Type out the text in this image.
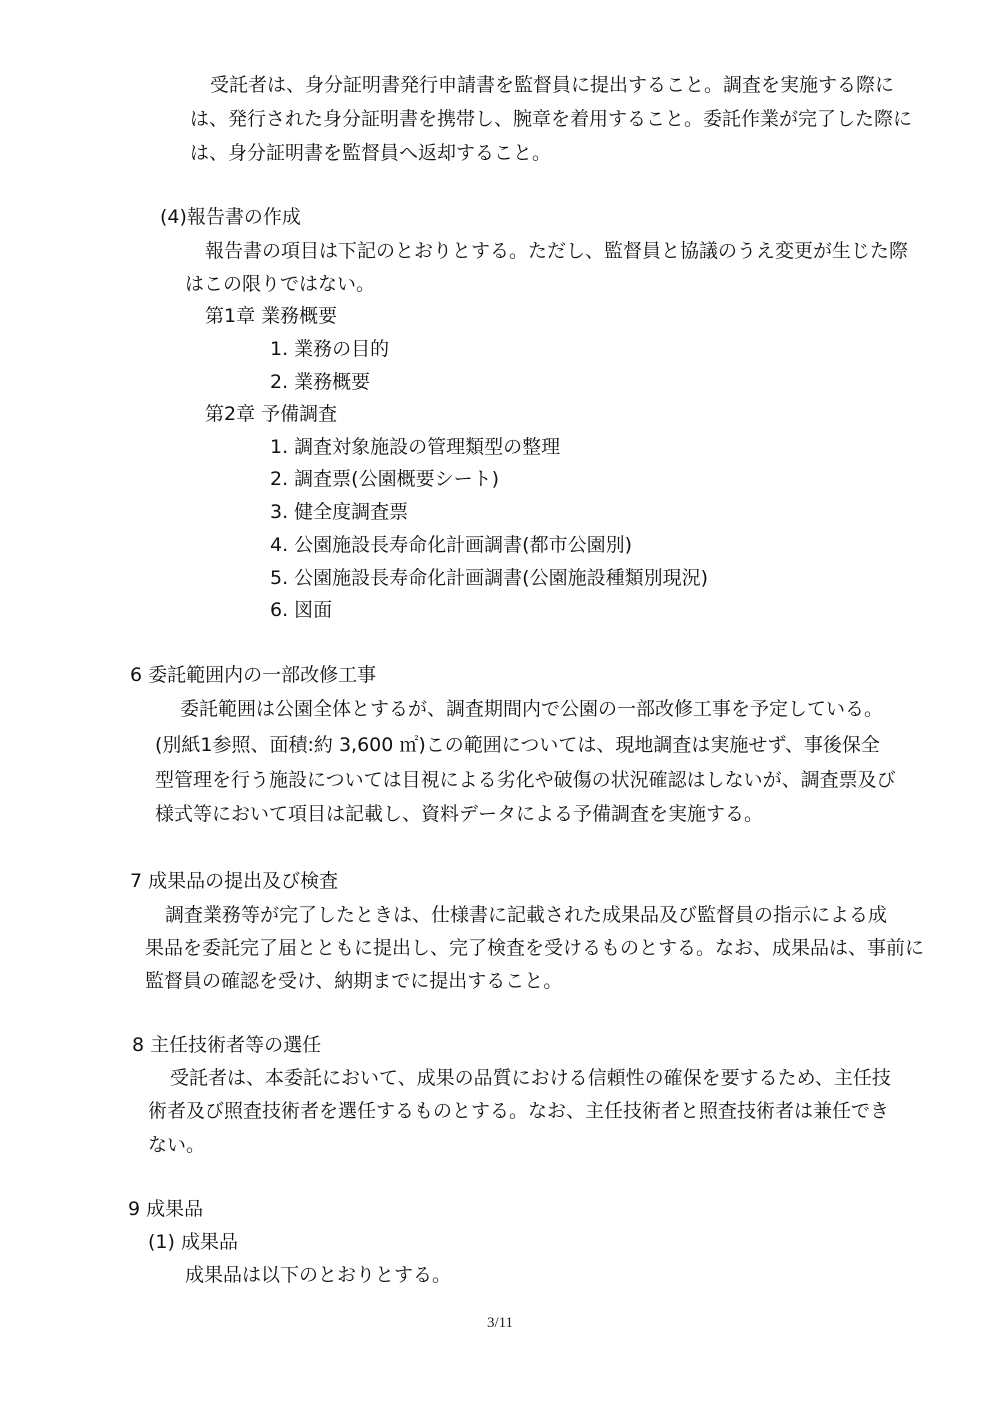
受託者は、身分証明書発行申請書を監督員に提出すること。調査を実施する際に
は、発行された身分証明書を携帯し、腕章を着用すること。委託作業が完了した際に
は、身分証明書を監督員へ返却すること。
(4)報告書の作成
報告書の項目は下記のとおりとする。ただし、監督員と協議のうえ変更が生じた際
はこの限りではない。
第1章 業務概要
1. 業務の目的
2. 業務概要
第2章 予備調査
1. 調査対象施設の管理類型の整理
2. 調査票(公園概要シート)
3. 健全度調査票
4. 公園施設長寿命化計画調書(都市公園別)
5. 公園施設長寿命化計画調書(公園施設種類別現況)
6. 図面
6 委託範囲内の一部改修工事
委託範囲は公園全体とするが、調査期間内で公園の一部改修工事を予定している。
(別紙1参照、面積:約 3,600 ㎡)この範囲については、現地調査は実施せず、事後保全
型管理を行う施設については目視による劣化や破傷の状況確認はしないが、調査票及び
様式等において項目は記載し、資料データによる予備調査を実施する。
7 成果品の提出及び検査
調査業務等が完了したときは、仕様書に記載された成果品及び監督員の指示による成
果品を委託完了届とともに提出し、完了検査を受けるものとする。なお、成果品は、事前に
監督員の確認を受け、納期までに提出すること。
8 主任技術者等の選任
受託者は、本委託において、成果の品質における信頼性の確保を要するため、主任技
術者及び照査技術者を選任するものとする。なお、主任技術者と照査技術者は兼任でき
ない。
9 成果品
(1) 成果品
成果品は以下のとおりとする。
3/11
